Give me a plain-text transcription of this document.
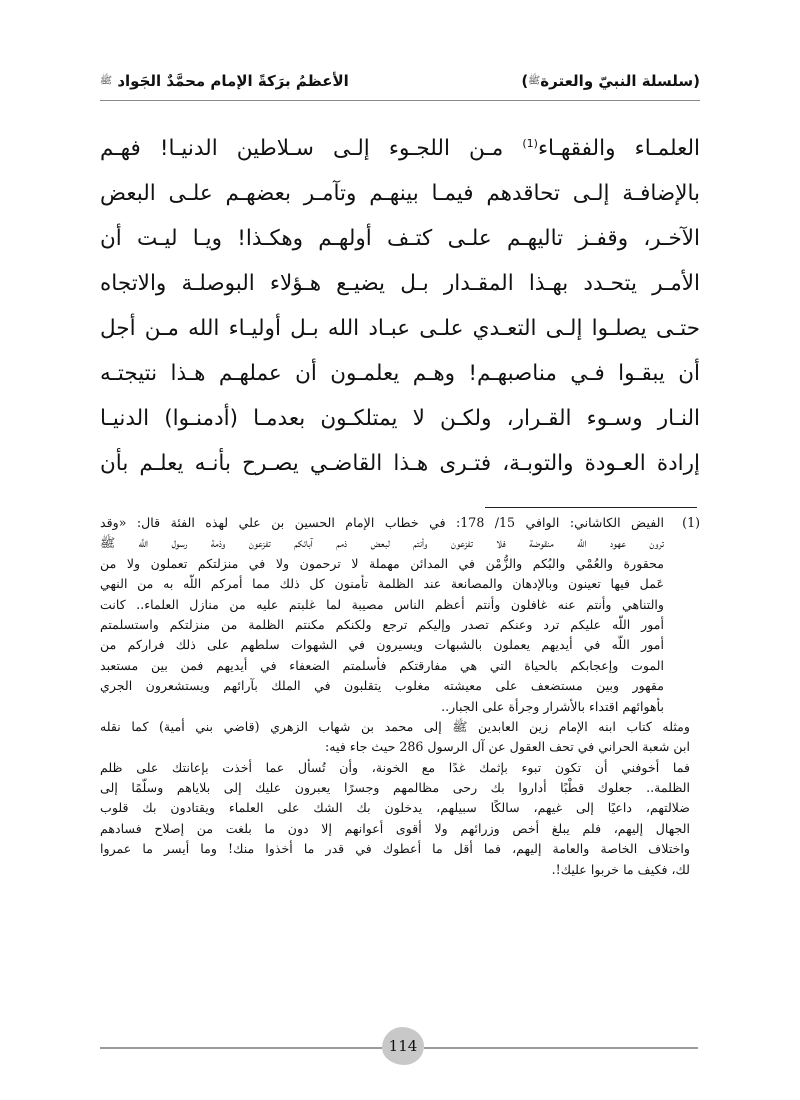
(سلسلة النبيّ والعترةﷺ)
الأعظمُ برَكةً الإمام محمَّدٌ الجَواد ﷺ
العلمـاء والفقهـاء$^{(1)}$ مـن اللجـوء إلـى سـلاطين الدنيـا! فهـم
بالإضافـة إلـى تحاقدهم فيمـا بينهـم وتآمـر بعضهـم علـى البعض
الآخـر، وقفـز تاليهـم علـى كتـف أولهـم وهكـذا! ويـا ليـت أن
الأمـر يتحـدد بهـذا المقـدار بـل يضيـع هـؤلاء البوصلـة والاتجاه
حتـى يصلـوا إلـى التعـدي علـى عبـاد الله بـل أوليـاء الله مـن أجل
أن يبقـوا فـي مناصبهـم! وهـم يعلمـون أن عملهـم هـذا نتيجتـه
النـار وسـوء القـرار، ولكـن لا يمتلكـون بعدمـا (أدمنـوا) الدنيـا
إرادة العـودة والتوبـة، فتـرى هـذا القاضـي يصـرح بأنـه يعلـم بأن
(1)
الفيض الكاشاني: الوافي 15/ 178: في خطاب الإمام الحسين بن علي لهذه الفئة قال: «وقد
ترون عهود اللَّه منقوضة فلا تفزعون وأنتم لبعض ذمم آبائكم تفزعون وذمة رسول اللَّه ﷺ
محقورة والعُمْي والبُكم والزُّمْن في المدائن مهملة لا ترحمون ولا في منزلتكم تعملون ولا من
عَمل فيها تعينون وبالإدهان والمصانعة عند الظلمة تأمنون كل ذلك مما أمركم اللَّه به من النهي
والتناهي وأنتم عنه غافلون وأنتم أعظم الناس مصيبة لما غلبتم عليه من منازل العلماء.. كانت
أمور اللَّه عليكم ترد وعنكم تصدر وإليكم ترجع ولكنكم مكنتم الظلمة من منزلتكم واستسلمتم
أمور اللَّه في أيديهم يعملون بالشبهات ويسيرون في الشهوات سلطهم على ذلك فراركم من
الموت وإعجابكم بالحياة التي هي مفارقتكم فأسلمتم الضعفاء في أيديهم فمن بين مستعبد
مقهور وبين مستضعف على معيشته مغلوب يتقلبون في الملك بآرائهم ويستشعرون الجري
بأهوائهم اقتداء بالأشرار وجرأة على الجبار..
ومثله كتاب ابنه الإمام زين العابدين ﷺ إلى محمد بن شهاب الزهري (قاضي بني أمية) كما نقله
ابن شعبة الحراني في تحف العقول عن آل الرسول 286 حيث جاء فيه:
فما أخوفني أن تكون تبوء بإثمك غدًا مع الخونة، وأن تُسأل عما أخذت بإعانتك على ظلم
الظلمة.. جعلوك قطْبًا أداروا بك رحى مظالمهم وجسرًا يعبرون عليك إلى بلاياهم وسلّمًا إلى
ضلالتهم، داعيًا إلى غيهم، سالكًا سبيلهم، يدخلون بك الشك على العلماء ويقتادون بك قلوب
الجهال إليهم، فلم يبلغ أخص وزرائهم ولا أقوى أعوانهم إلا دون ما بلغت من إصلاح فسادهم
واختلاف الخاصة والعامة إليهم، فما أقل ما أعطوك في قدر ما أخذوا منك! وما أيسر ما عمروا
لك، فكيف ما خربوا عليك!.
114
